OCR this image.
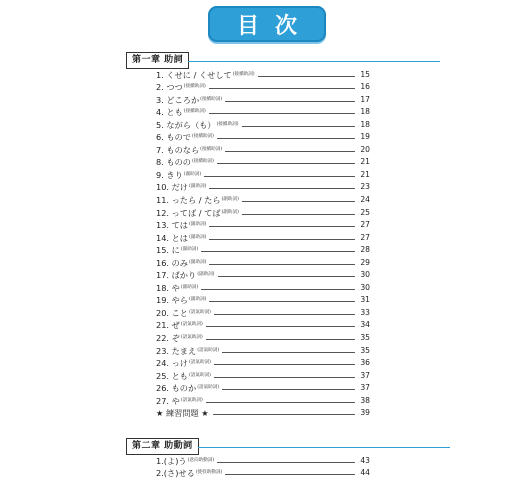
目次
第一章 助詞
1. くせに / くせして (接續助詞)	15
2. つつ (接續助詞)	16
3. どころか (接續助詞)	17
4. とも (接續助詞)	18
5. ながら（も） (接續助詞)	18
6. もので (接續助詞)	19
7. ものなら (接續助詞)	20
8. ものの (接續助詞)	21
9. きり (副助詞)	21
10. だけ (副助詞)	23
11. ったら / たら (副助詞)	24
12. ってば / てば (副助詞)	25
13. ては (副助詞)	27
14. とは (副助詞)	27
15. に (副助詞)	28
16. のみ (副助詞)	29
17. ばかり (副助詞)	30
18. や (副助詞)	30
19. やら (副助詞)	31
20. こと (語氣助詞)	33
21. ぜ (語氣助詞)	34
22. ぞ (語氣助詞)	35
23. たまえ (語氣助詞)	35
24. っけ (語氣助詞)	36
25. とも (語氣助詞)	37
26. ものか (語氣助詞)	37
27. や (語氣助詞)	38
★ 練習問題 ★	39
第二章 助動詞
1.(よ)う (意向助動詞)	43
2.(さ)せる (使役助動詞)	44
